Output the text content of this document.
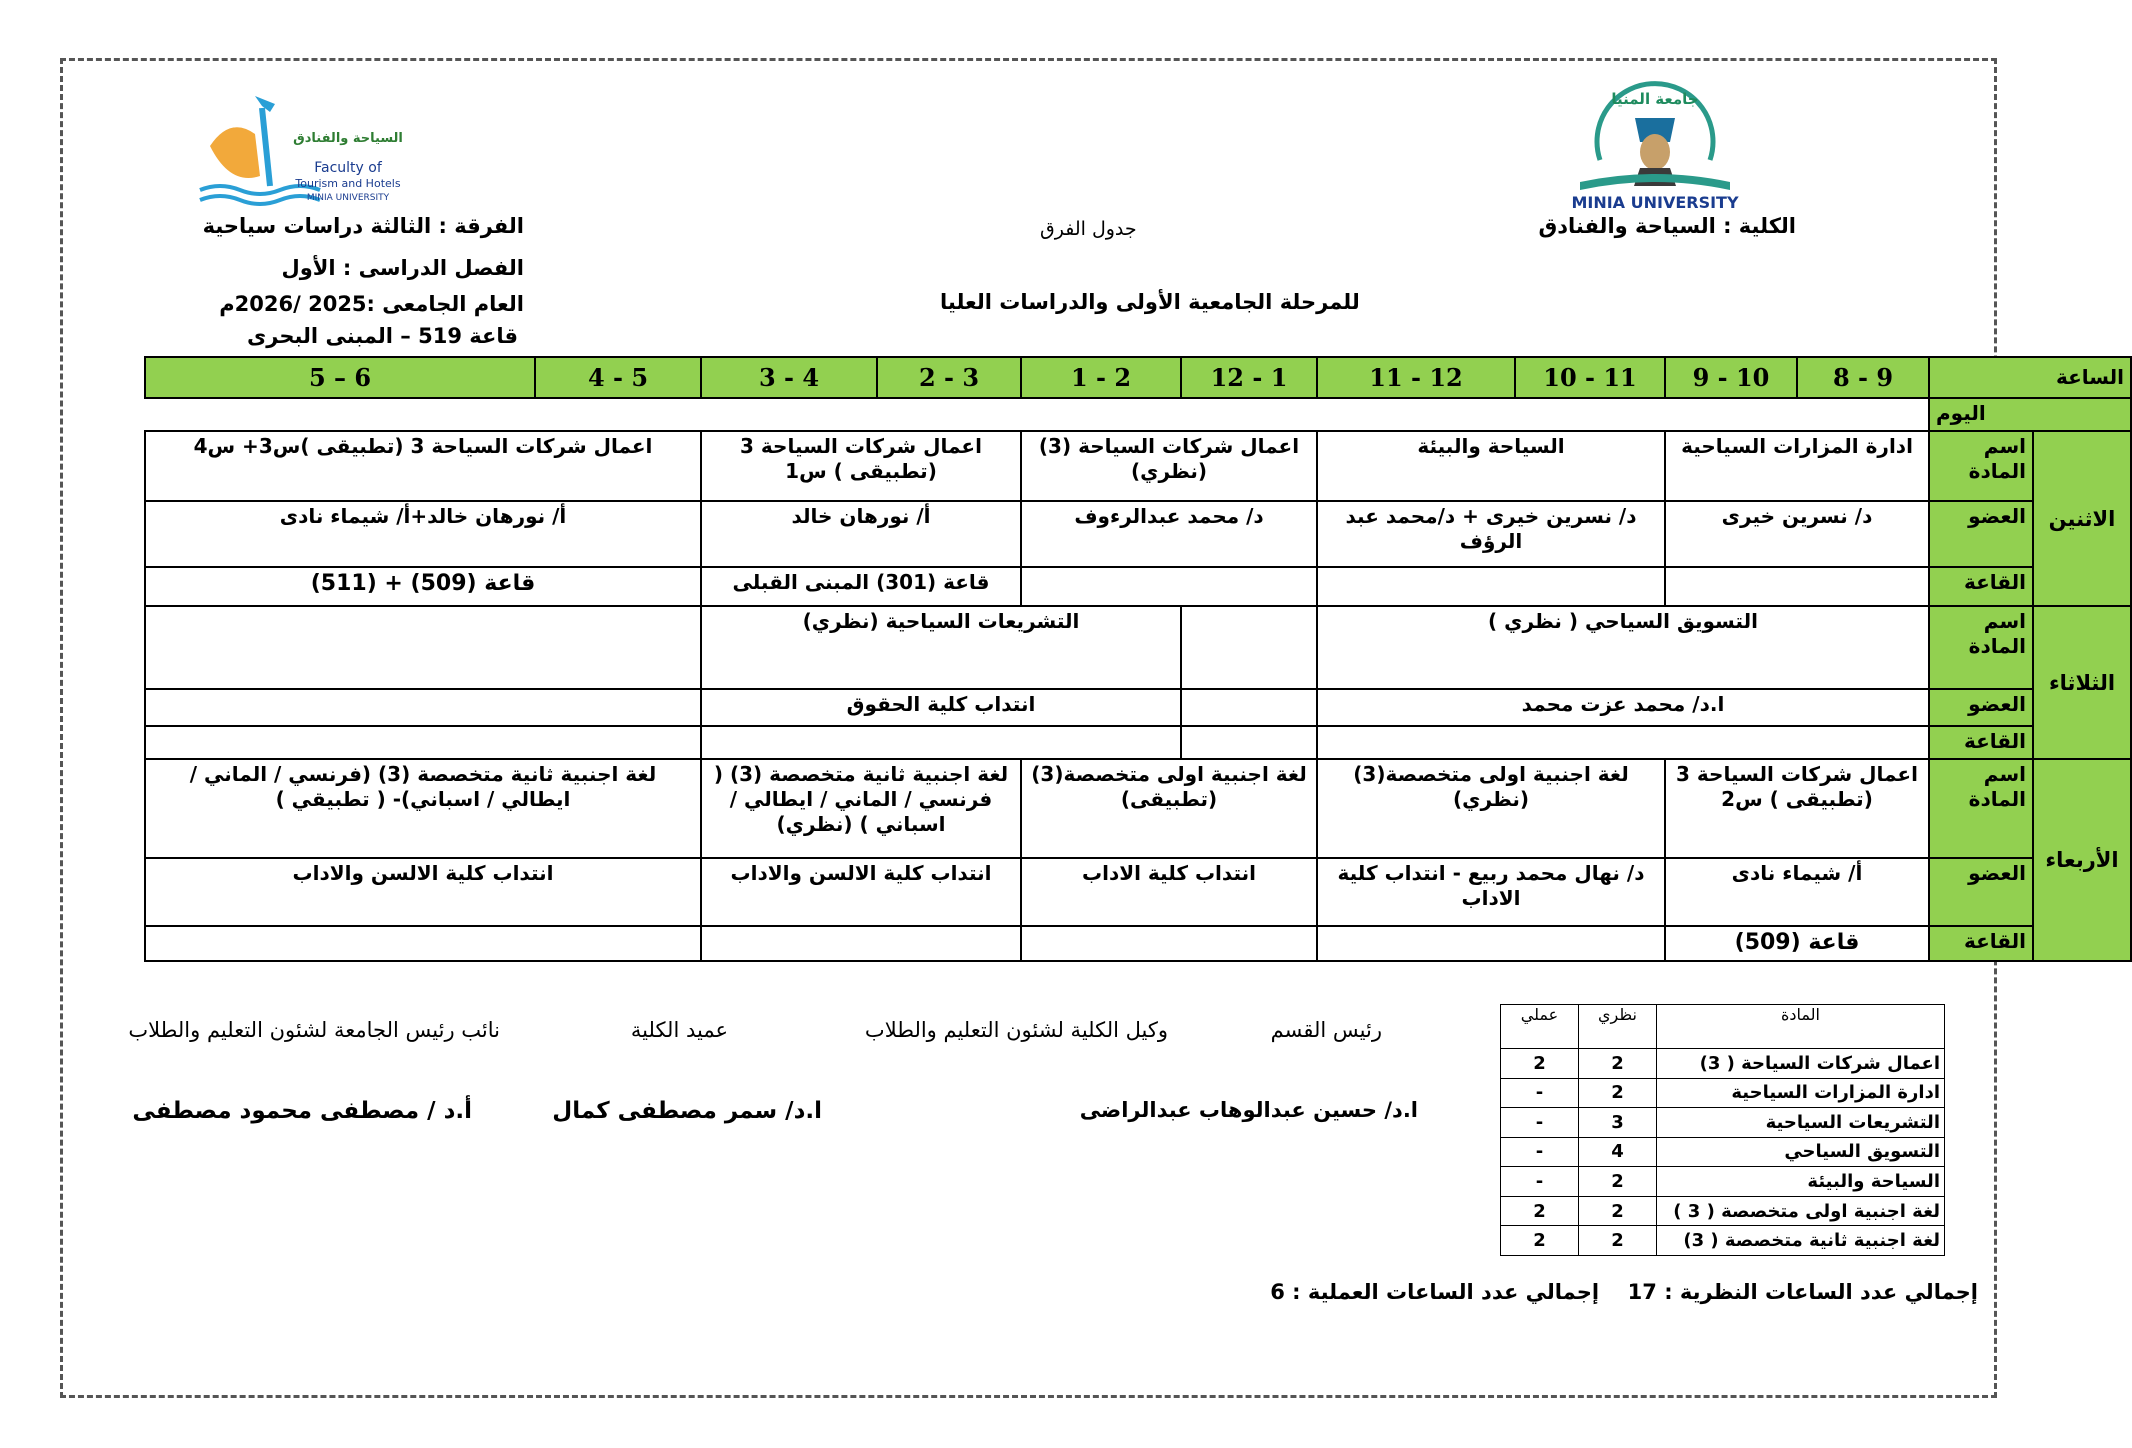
جامعة المنيا
MINIA UNIVERSITY
السياحة والفنادق
Faculty of
Tourism and Hotels
MINIA UNIVERSITY
الكلية : السياحة والفنادق
جدول الفرق
للمرحلة الجامعية الأولى والدراسات العليا
الفرقة : الثالثة دراسات سياحية
الفصل الدراسى : الأول
العام الجامعى :2025 /2026م
قاعة 519 – المبنى البحرى
الساعة		9 - 8	10 - 9	11 - 10	12 - 11	1 - 12	2 - 1	3 - 2	4 - 3	5 - 4	6 – 5
اليوم											
الاثنين	اسم المادة	ادارة المزارات السياحية		السياحة والبيئة		اعمال شركات السياحة (3) (نظري)		اعمال شركات السياحة 3 (تطبيقى ) س1		اعمال شركات السياحة 3 (تطبيقى )س3+ س4	
	العضو	د/ نسرين خيرى		د/ نسرين خيرى + د/محمد عبد الرؤف		د/ محمد عبدالرءوف		أ/ نورهان خالد		أ/ نورهان خالد+أ/ شيماء نادى	
	القاعة							قاعة (301) المبنى القبلى		قاعة (509) + (511)	
الثلاثاء	اسم المادة	التسويق السياحي ( نظري )					التشريعات السياحية (نظري)				
	العضو	ا.د/ محمد عزت محمد					انتداب كلية الحقوق				
	القاعة										
الأربعاء	اسم المادة	اعمال شركات السياحة 3 (تطبيقى ) س2		لغة اجنبية اولى متخصصة(3) (نظري)		لغة اجنبية اولى متخصصة(3) (تطبيقى)		لغة اجنبية ثانية متخصصة (3) ( فرنسي / الماني / ايطالي / اسباني ) (نظري)		لغة اجنبية ثانية متخصصة (3) (فرنسي / الماني / ايطالي / اسباني)- ( تطبيقي )	
	العضو	أ/ شيماء نادى		د/ نهال محمد ربيع - انتداب كلية الاداب		انتداب كلية الاداب		انتداب كلية الالسن والاداب		انتداب كلية الالسن والاداب	
	القاعة	قاعة (509)									
المادة	نظري	عملي
اعمال شركات السياحة ( 3)	2	2
ادارة المزارات السياحية	2	-
التشريعات السياحية	3	-
التسويق السياحي	4	-
السياحة والبيئة	2	-
لغة اجنبية اولى متخصصة ( 3 )	2	2
لغة اجنبية ثانية متخصصة ( 3)	2	2
رئيس القسم
وكيل الكلية لشئون التعليم والطلاب
ا.د/ حسين عبدالوهاب عبدالراضى
عميد الكلية
ا.د/ سمر مصطفى كمال
نائب رئيس الجامعة لشئون التعليم والطلاب
أ.د / مصطفى محمود مصطفى
إجمالي عدد الساعات النظرية : 17  إجمالي عدد الساعات العملية : 6
